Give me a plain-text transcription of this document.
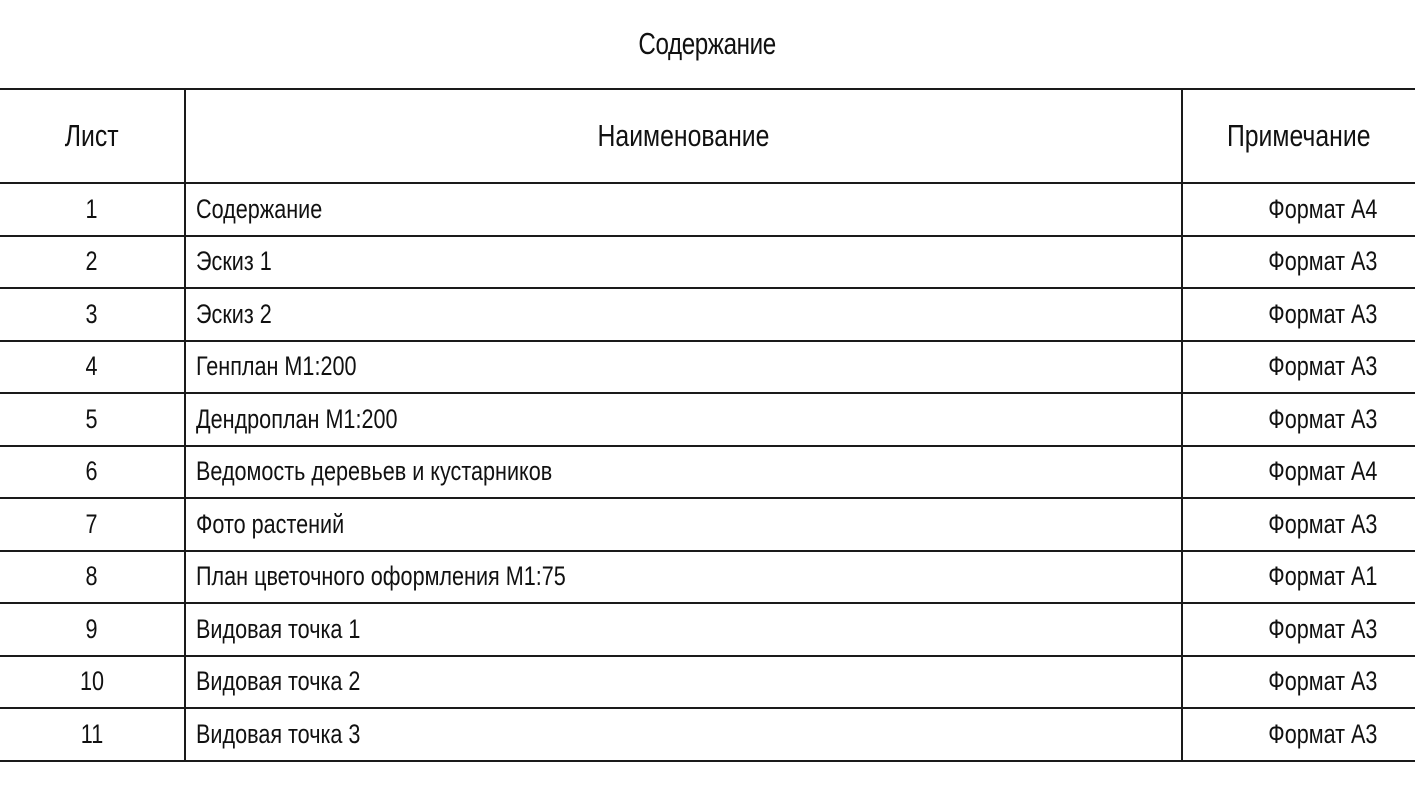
Содержание
Лист	Наименование	Примечание
1	Содержание	Формат А4
2	Эскиз 1	Формат А3
3	Эскиз 2	Формат А3
4	Генплан М1:200	Формат А3
5	Дендроплан М1:200	Формат А3
6	Ведомость деревьев и кустарников	Формат А4
7	Фото растений	Формат А3
8	План цветочного оформления М1:75	Формат А1
9	Видовая точка 1	Формат А3
10	Видовая точка 2	Формат А3
11	Видовая точка 3	Формат А3
